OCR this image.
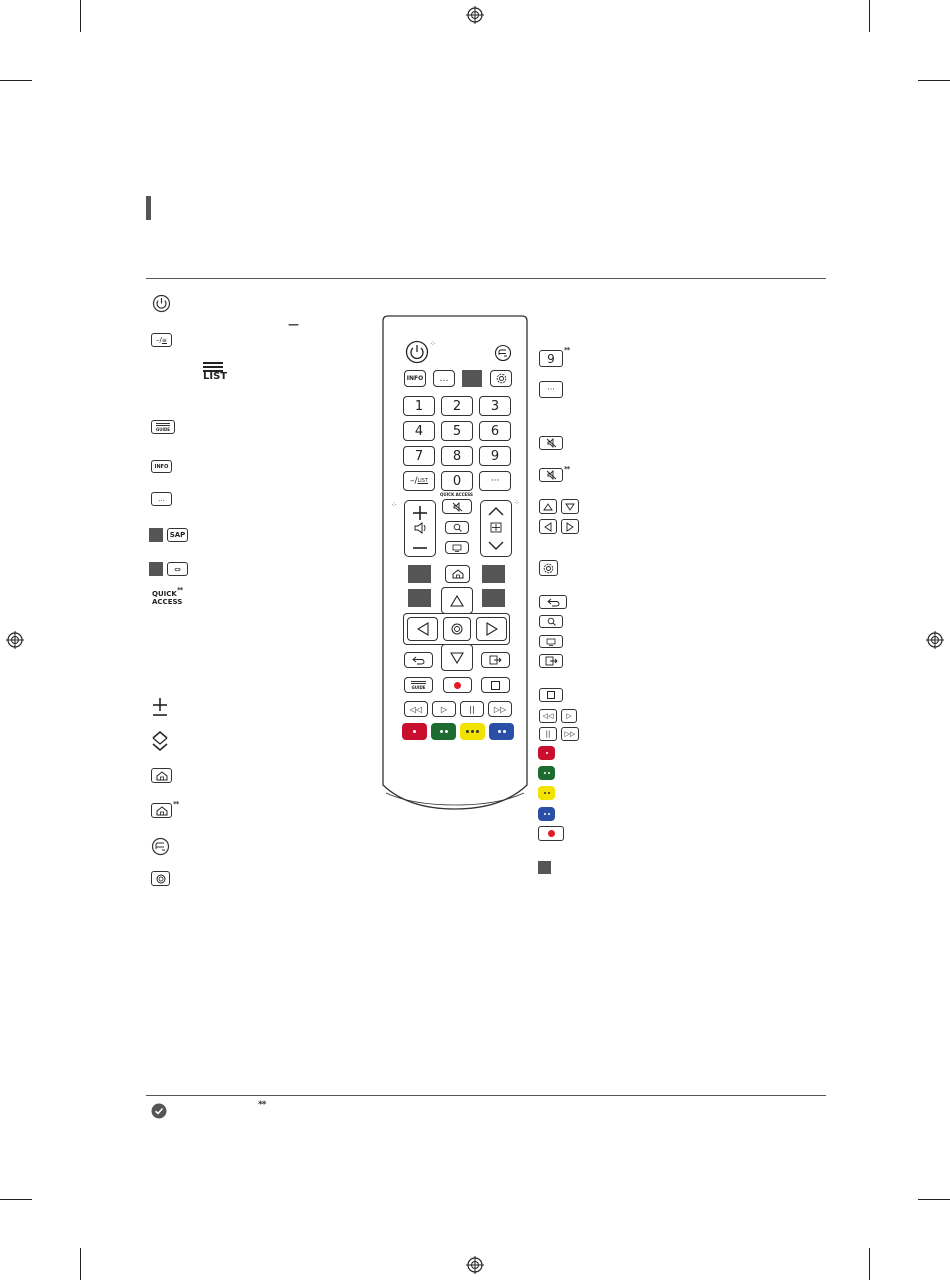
–/ ≡
—
LIST
GUIDE
INFO
…
SAP
⇔
QUICK
ACCESS
**
**
⁘
INFO	…
1	2	3
4	5	6
7	8	9
–/ LIST	0	···
QUICK ACCESS
⁘	⁘
GUIDE
◁◁	▷	||	▷▷
9
**
···
**
◁◁	▷
||	▷▷
**
